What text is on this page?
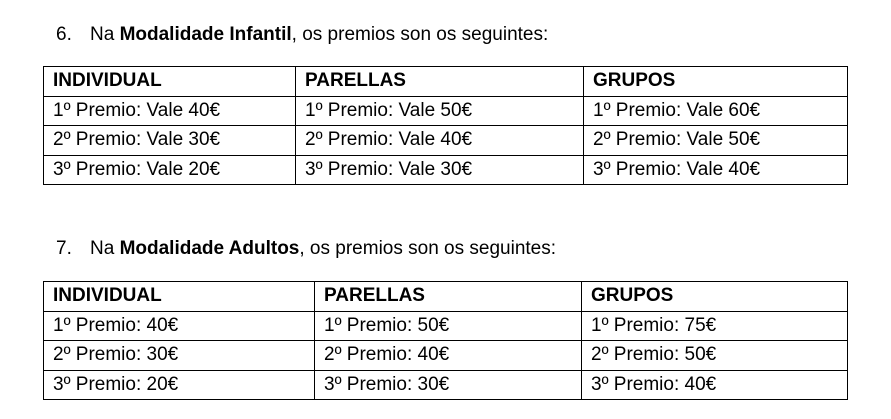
6. Na Modalidade Infantil, os premios son os seguintes:
INDIVIDUAL	PARELLAS	GRUPOS
1º Premio: Vale 40€	1º Premio: Vale 50€	1º Premio: Vale 60€
2º Premio: Vale 30€	2º Premio: Vale 40€	2º Premio: Vale 50€
3º Premio: Vale 20€	3º Premio: Vale 30€	3º Premio: Vale 40€
7. Na Modalidade Adultos, os premios son os seguintes:
INDIVIDUAL	PARELLAS	GRUPOS
1º Premio: 40€	1º Premio: 50€	1º Premio: 75€
2º Premio: 30€	2º Premio: 40€	2º Premio: 50€
3º Premio: 20€	3º Premio: 30€	3º Premio: 40€
